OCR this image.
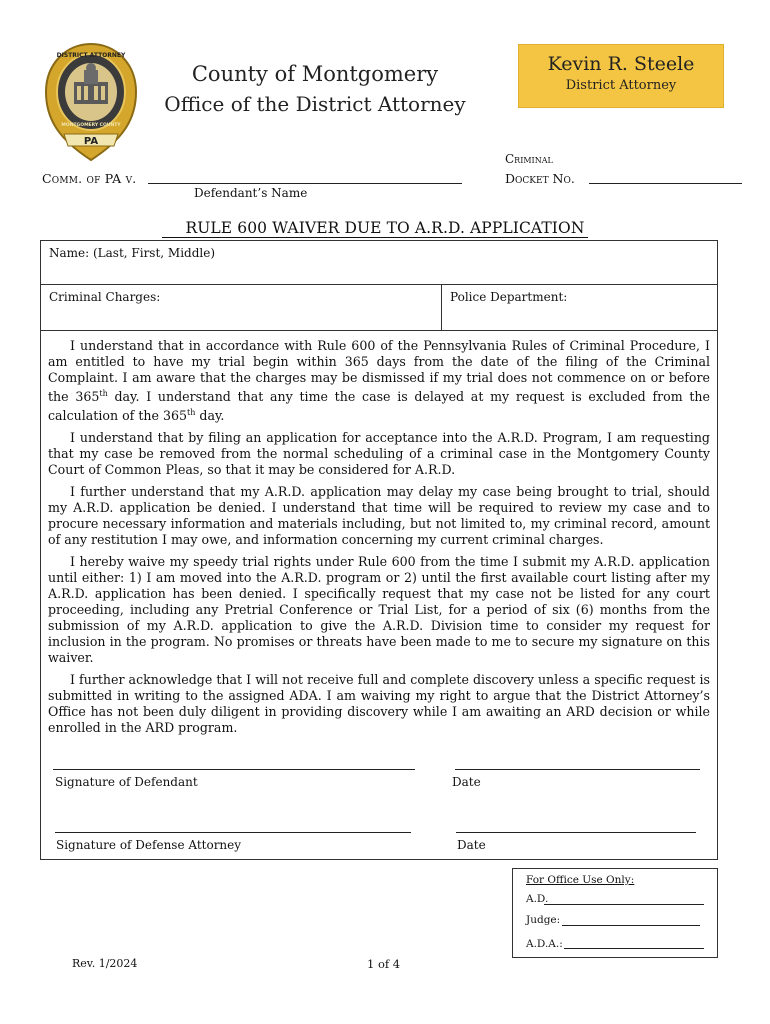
PA
DISTRICT ATTORNEY
MONTGOMERY COUNTY
County of Montgomery
Office of the District Attorney
Kevin R. Steele
District Attorney
Comm. of PA v.
Defendant’s Name
Criminal
Docket No.
RULE 600 WAIVER DUE TO A.R.D. APPLICATION
Name: (Last, First, Middle)
Criminal Charges:	Police Department:

I understand that in accordance with Rule 600 of the Pennsylvania Rules of Criminal Procedure, I am entitled to have my trial begin within 365 days from the date of the filing of the Criminal Complaint. I am aware that the charges may be dismissed if my trial does not commence on or before the 365th day. I understand that any time the case is delayed at my request is excluded from the calculation of the 365th day.

I understand that by filing an application for acceptance into the A.R.D. Program, I am requesting that my case be removed from the normal scheduling of a criminal case in the Montgomery County Court of Common Pleas, so that it may be considered for A.R.D.

I further understand that my A.R.D. application may delay my case being brought to trial, should my A.R.D. application be denied. I understand that time will be required to review my case and to procure necessary information and materials including, but not limited to, my criminal record, amount of any restitution I may owe, and information concerning my current criminal charges.

I hereby waive my speedy trial rights under Rule 600 from the time I submit my A.R.D. application until either: 1) I am moved into the A.R.D. program or 2) until the first available court listing after my A.R.D. application has been denied. I specifically request that my case not be listed for any court proceeding, including any Pretrial Conference or Trial List, for a period of six (6) months from the submission of my A.R.D. application to give the A.R.D. Division time to consider my request for inclusion in the program. No promises or threats have been made to me to secure my signature on this waiver.

I further acknowledge that I will not receive full and complete discovery unless a specific request is submitted in writing to the assigned ADA. I am waiving my right to argue that the District Attorney’s Office has not been duly diligent in providing discovery while I am awaiting an ARD decision or while enrolled in the ARD program.

Signature of Defendant	Date
Signature of Defense Attorney	Date
For Office Use Only:
A.D.
Judge:
A.D.A.:
Rev. 1/2024	1 of 4
